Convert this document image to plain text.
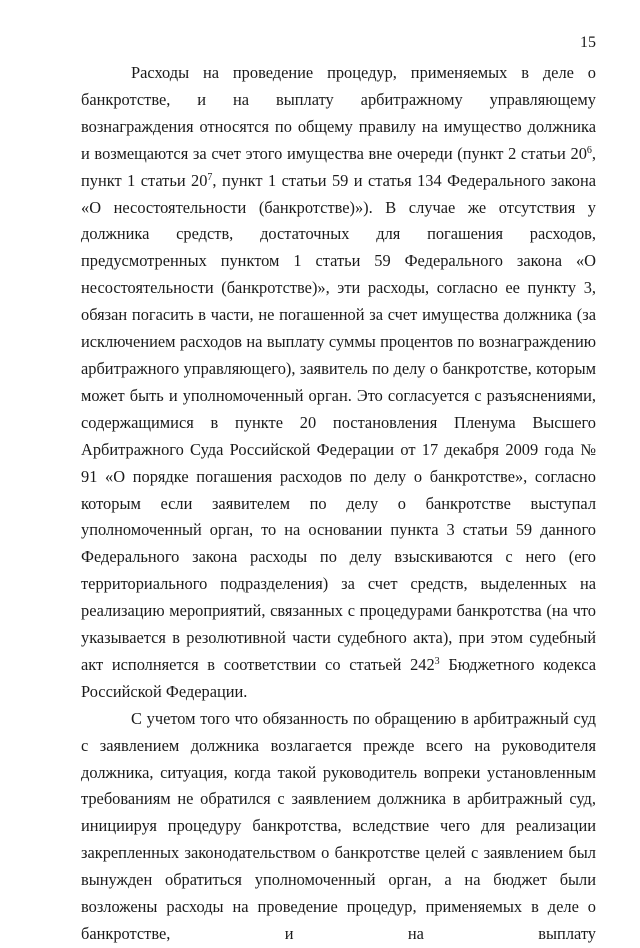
15

Расходы на проведение процедур, применяемых в деле о банкротстве, и на выплату арбитражному управляющему вознаграждения относятся по общему правилу на имущество должника и возмещаются за счет этого имущества вне очереди (пункт 2 статьи $20^6$, пункт 1 статьи $20^7$, пункт 1 статьи 59 и статья 134 Федерального закона «О несостоятельности (банкротстве)»). В случае же отсутствия у должника средств, достаточных для погашения расходов, предусмотренных пунктом 1 статьи 59 Федерального закона «О несостоятельности (банкротстве)», эти расходы, согласно ее пункту 3, обязан погасить в части, не погашенной за счет имущества должника (за исключением расходов на выплату суммы процентов по вознаграждению арбитражного управляющего), заявитель по делу о банкротстве, которым может быть и уполномоченный орган. Это согласуется с разъяснениями, содержащимися в пункте 20 постановления Пленума Высшего Арбитражного Суда Российской Федерации от 17 декабря 2009 года № 91 «О порядке погашения расходов по делу о банкротстве», согласно которым если заявителем по делу о банкротстве выступал уполномоченный орган, то на основании пункта 3 статьи 59 данного Федерального закона расходы по делу взыскиваются с него (его территориального подразделения) за счет средств, выделенных на реализацию мероприятий, связанных с процедурами банкротства (на что указывается в резолютивной части судебного акта), при этом судебный акт исполняется в соответствии со статьей $242^3$ Бюджетного кодекса Российской Федерации.

С учетом того что обязанность по обращению в арбитражный суд с заявлением должника возлагается прежде всего на руководителя должника, ситуация, когда такой руководитель вопреки установленным требованиям не обратился с заявлением должника в арбитражный суд, инициируя процедуру банкротства, вследствие чего для реализации закрепленных законодательством о банкротстве целей с заявлением был вынужден обратиться уполномоченный орган, а на бюджет были возложены расходы на проведение процедур, применяемых в деле о банкротстве, и на выплату
